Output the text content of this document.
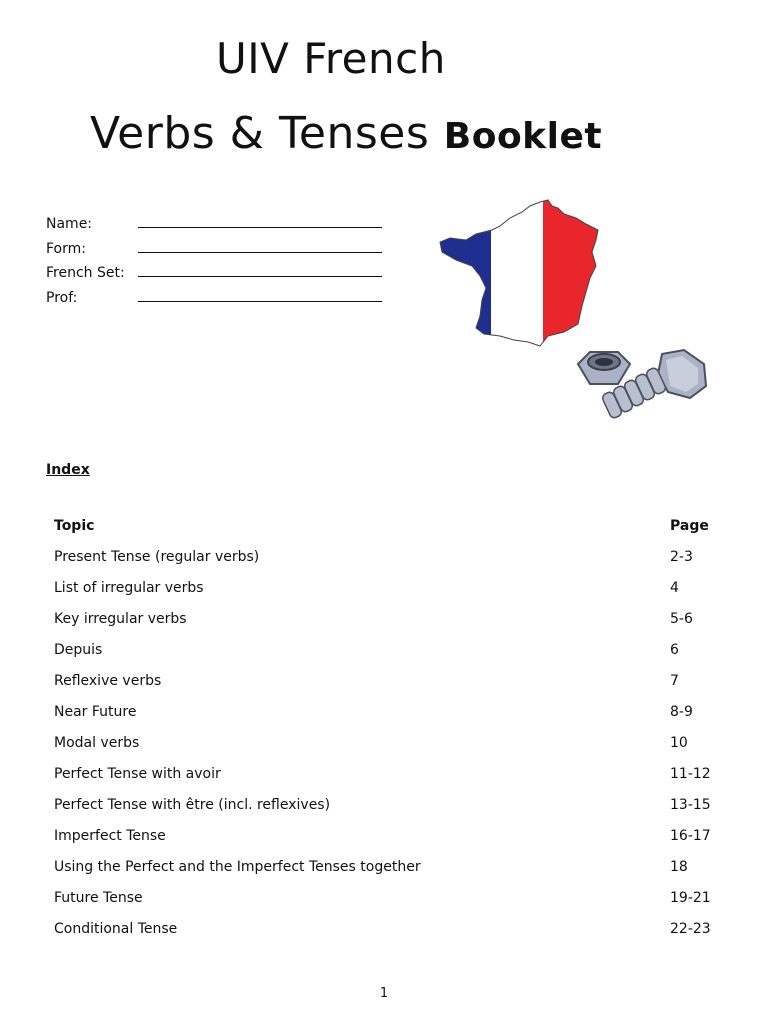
UIV French
Verbs & Tenses Booklet
Name:
Form:
French Set:
Prof:
Index
Topic	Page
Present Tense (regular verbs)	2-3
List of irregular verbs	4
Key irregular verbs	5-6
Depuis	6
Reflexive verbs	7
Near Future	8-9
Modal verbs	10
Perfect Tense with avoir	11-12
Perfect Tense with être (incl. reflexives)	13-15
Imperfect Tense	16-17
Using the Perfect and the Imperfect Tenses together	18
Future Tense	19-21
Conditional Tense	22-23
1
